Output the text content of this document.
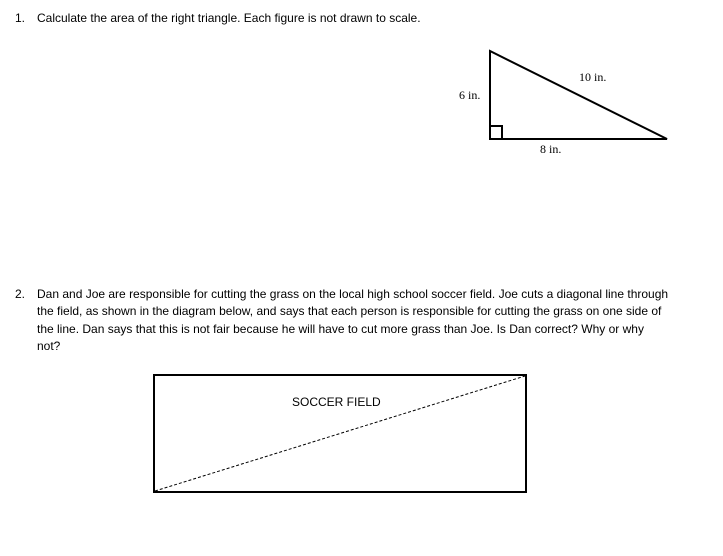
1. Calculate the area of the right triangle. Each figure is not drawn to scale.
6 in.
10 in.
8 in.
2. Dan and Joe are responsible for cutting the grass on the local high school soccer field. Joe cuts a diagonal line through the field, as shown in the diagram below, and says that each person is responsible for cutting the grass on one side of the line. Dan says that this is not fair because he will have to cut more grass than Joe. Is Dan correct? Why or why not?
SOCCER FIELD
